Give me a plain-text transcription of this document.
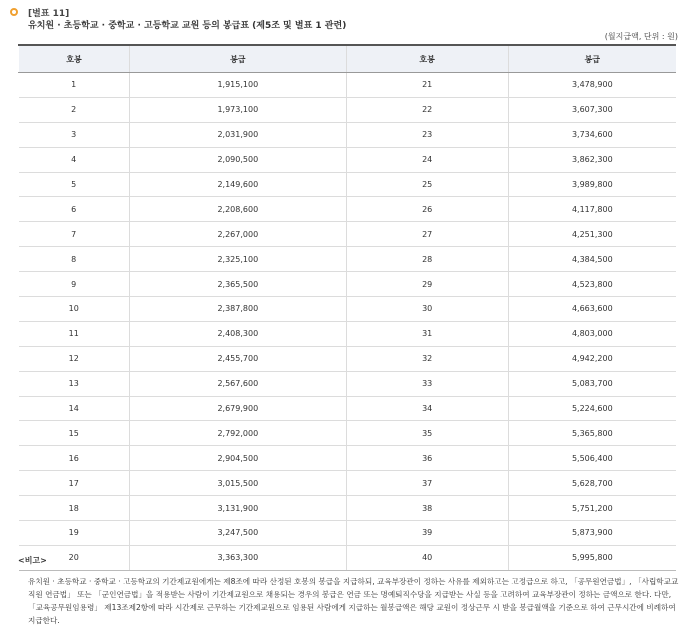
[별표 11]
유치원 · 초등학교 · 중학교 · 고등학교 교원 등의 봉급표 (제5조 및 별표 1 관련)
(월지급액, 단위 : 원)
호봉	봉급	호봉	봉급
1	1,915,100	21	3,478,900
2	1,973,100	22	3,607,300
3	2,031,900	23	3,734,600
4	2,090,500	24	3,862,300
5	2,149,600	25	3,989,800
6	2,208,600	26	4,117,800
7	2,267,000	27	4,251,300
8	2,325,100	28	4,384,500
9	2,365,500	29	4,523,800
10	2,387,800	30	4,663,600
11	2,408,300	31	4,803,000
12	2,455,700	32	4,942,200
13	2,567,600	33	5,083,700
14	2,679,900	34	5,224,600
15	2,792,000	35	5,365,800
16	2,904,500	36	5,506,400
17	3,015,500	37	5,628,700
18	3,131,900	38	5,751,200
19	3,247,500	39	5,873,900
20	3,363,300	40	5,995,800
<비고>

유치원 · 초등학교 · 중학교 · 고등학교의 기간제교원에게는 제8조에 따라 산정된 호봉의 봉급을 지급하되, 교육부장관이 정하는 사유를 제외하고는 고정급으로 하고, 「공무원연금법」, 「사립학교교직원 연금법」 또는 「군인연금법」을 적용받는 사람이 기간제교원으로 채용되는 경우의 봉급은 연금 또는 명예퇴직수당을 지급받는 사실 등을 고려하여 교육부장관이 정하는 금액으로 한다. 다만, 「교육공무원임용령」 제13조제2항에 따라 시간제로 근무하는 기간제교원으로 임용된 사람에게 지급하는 월봉급액은 해당 교원이 정상근무 시 받을 봉급월액을 기준으로 하여 근무시간에 비례하여 지급한다.
